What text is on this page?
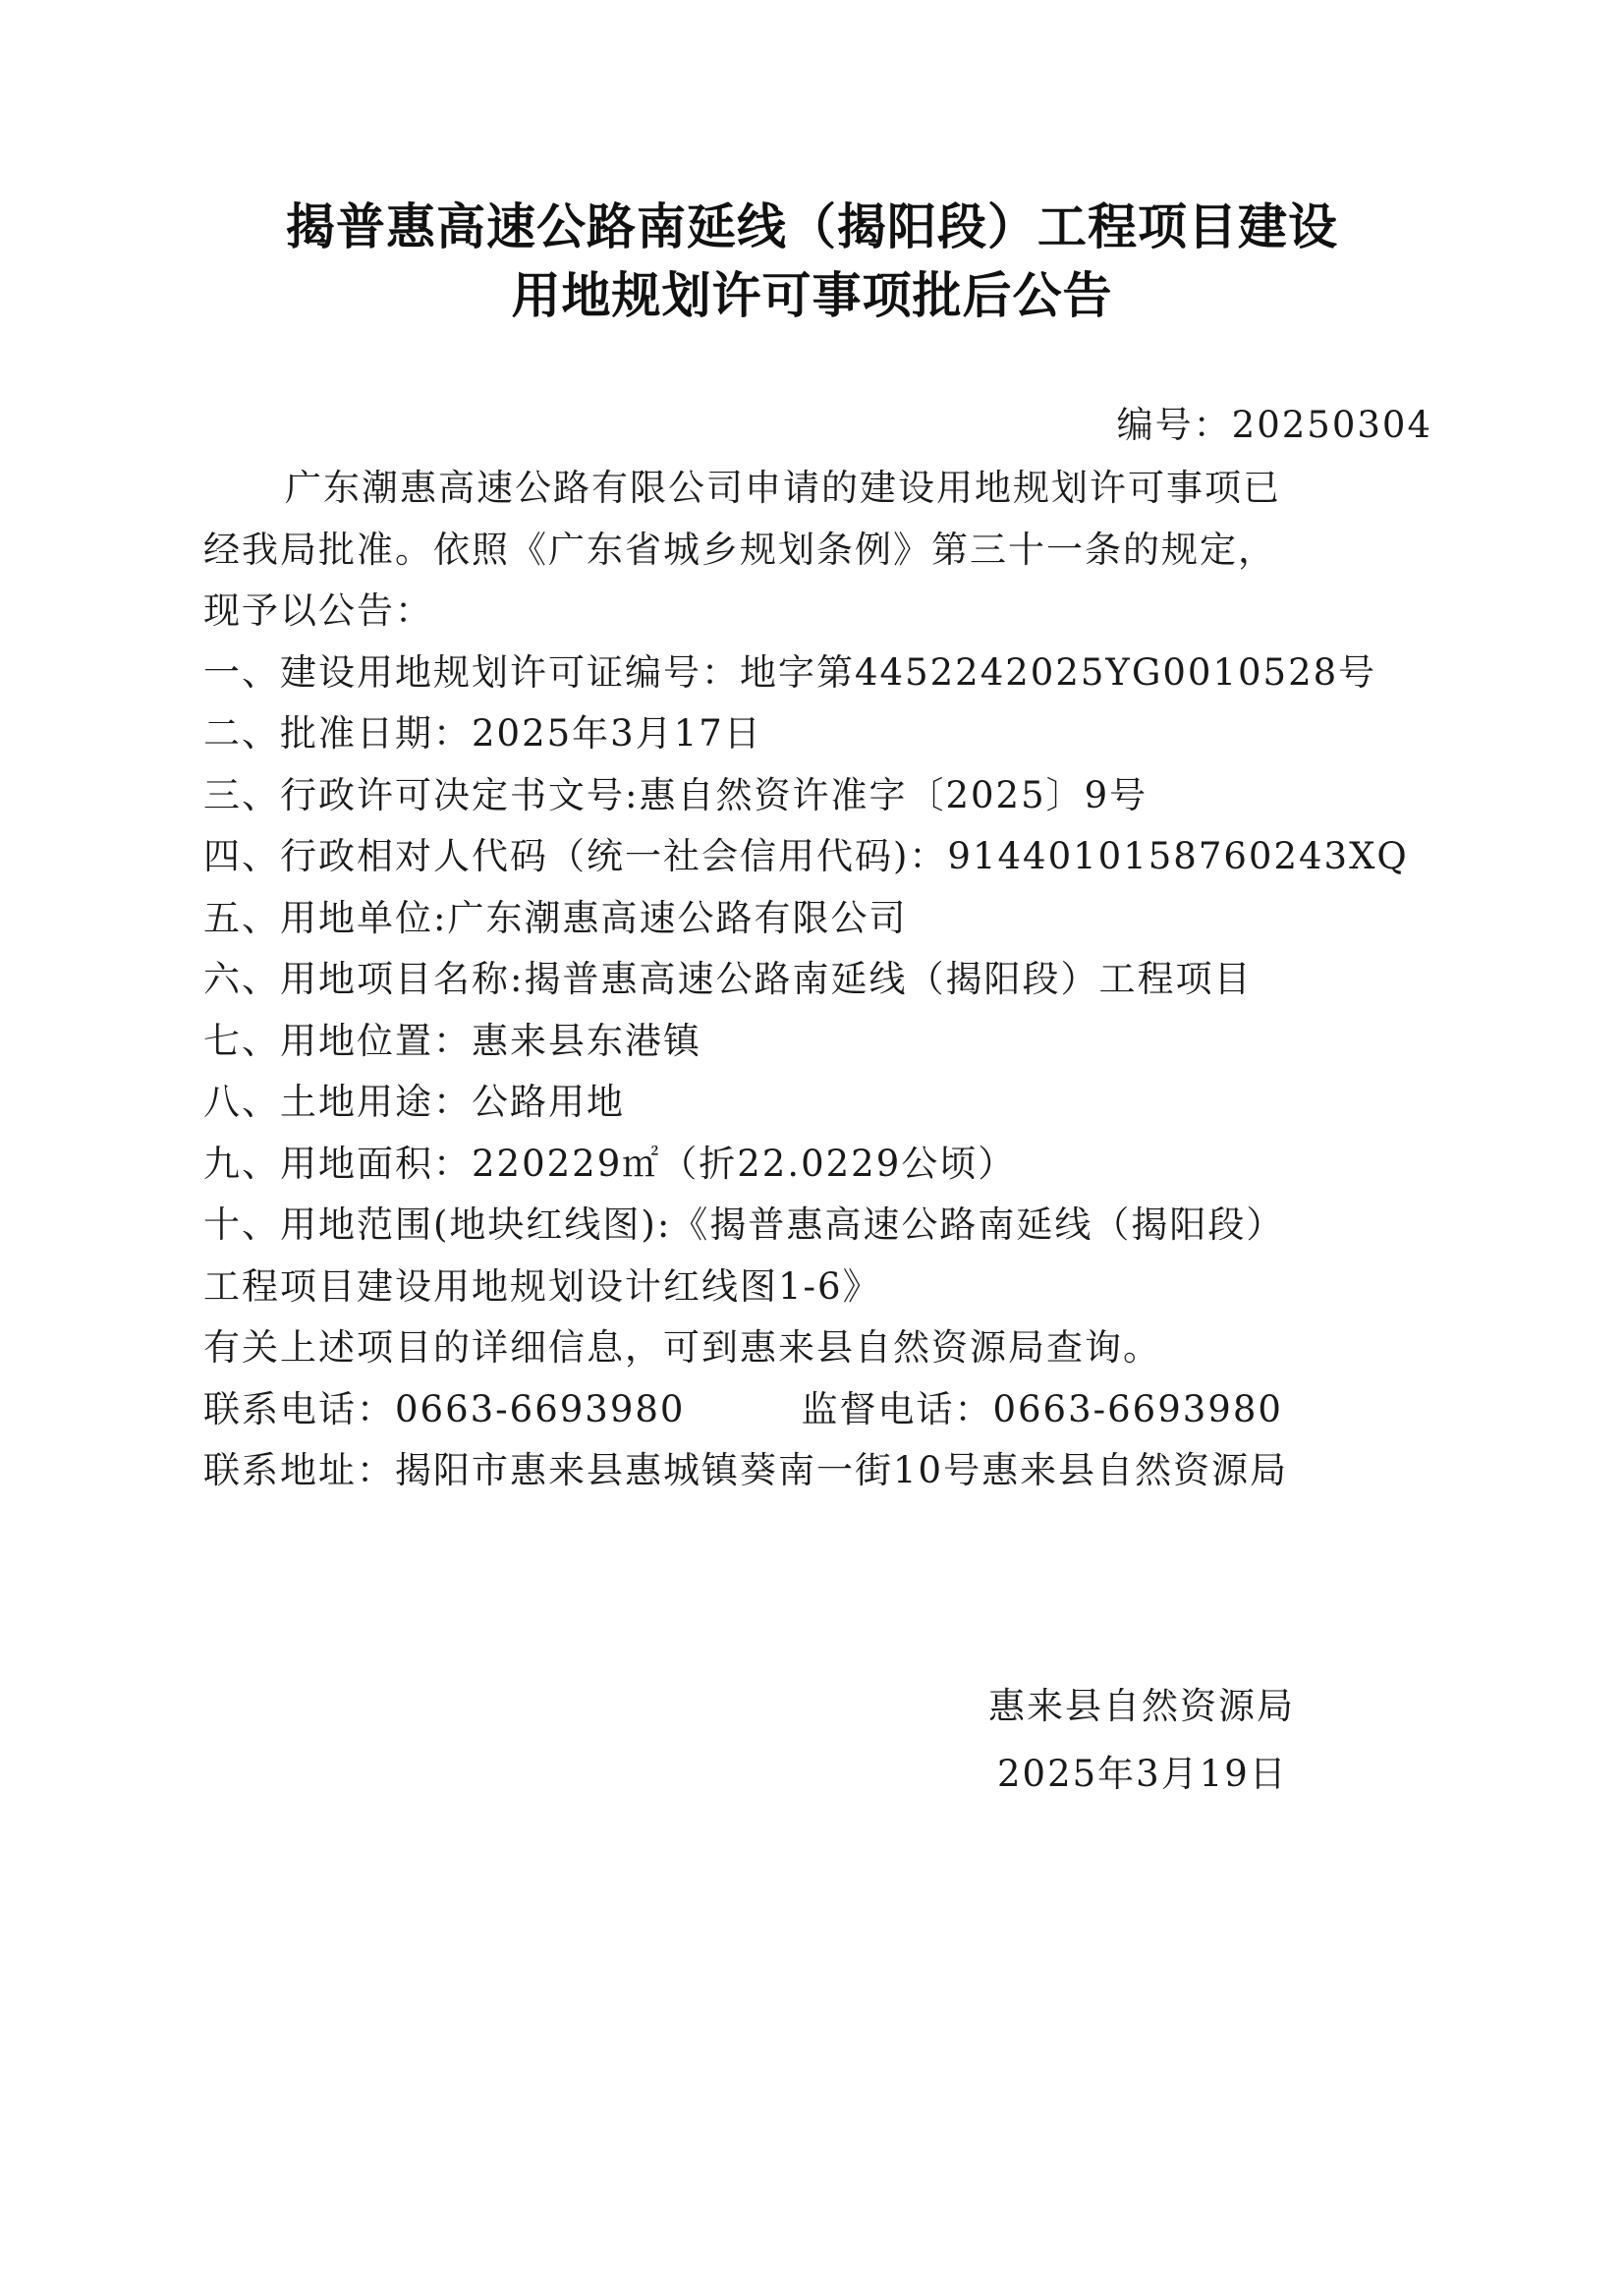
揭普惠高速公路南延线（揭阳段）工程项目建设
用地规划许可事项批后公告
编号：20250304
广东潮惠高速公路有限公司申请的建设用地规划许可事项已
经我局批准。依照《广东省城乡规划条例》第三十一条的规定，
现予以公告：
一、建设用地规划许可证编号：地字第4452242025YG0010528号
二、批准日期：2025年3月17日
三、行政许可决定书文号:惠自然资许准字〔2025〕9号
四、行政相对人代码（统一社会信用代码)：9144010158760243XQ
五、用地单位:广东潮惠高速公路有限公司
六、用地项目名称:揭普惠高速公路南延线（揭阳段）工程项目
七、用地位置：惠来县东港镇
八、土地用途：公路用地
九、用地面积：220229㎡（折22.0229公顷）
十、用地范围(地块红线图):《揭普惠高速公路南延线（揭阳段）
工程项目建设用地规划设计红线图1-6》
有关上述项目的详细信息，可到惠来县自然资源局查询。
联系电话：0663-6693980	监督电话：0663-6693980
联系地址：揭阳市惠来县惠城镇葵南一街10号惠来县自然资源局
惠来县自然资源局
2025年3月19日
